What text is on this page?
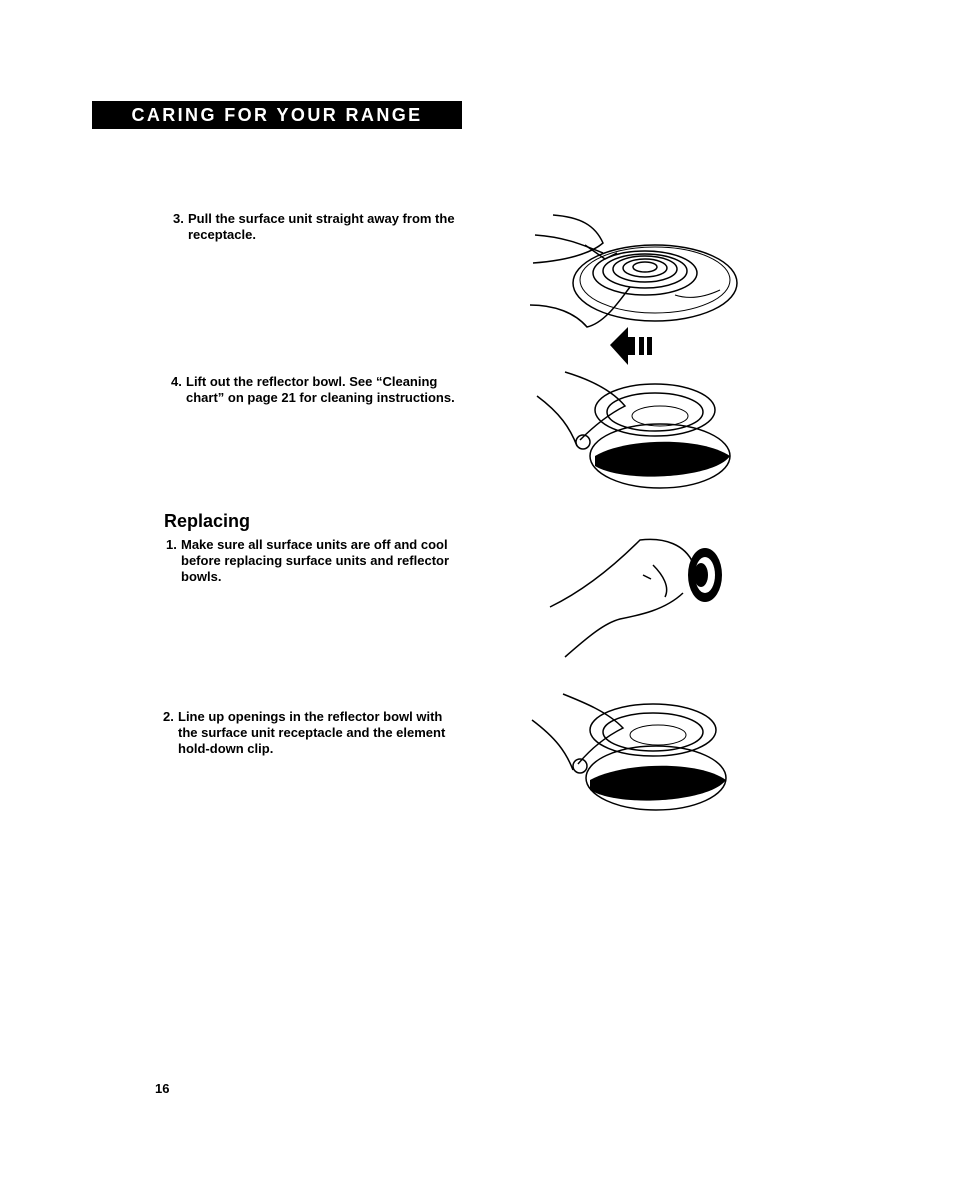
CARING FOR YOUR RANGE
3. Pull the surface unit straight away from the receptacle.
4. Lift out the reflector bowl. See “Cleaning chart” on page 21 for cleaning instructions.
Replacing
1. Make sure all surface units are off and cool before replacing surface units and reflector bowls.
2. Line up openings in the reflector bowl with the surface unit receptacle and the element hold-down clip.
16
